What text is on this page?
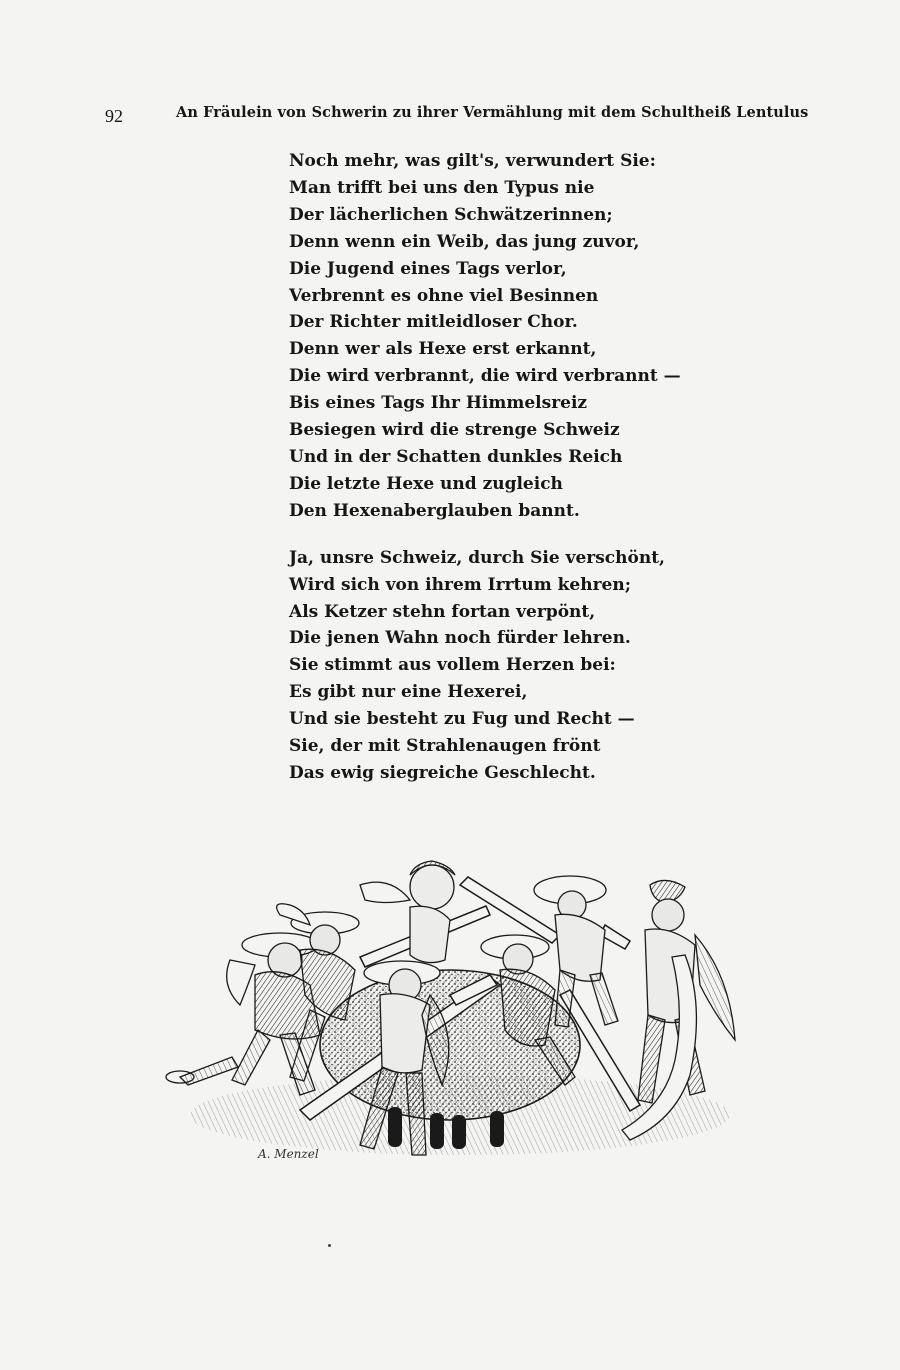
92	An Fräulein von Schwerin zu ihrer Vermählung mit dem Schultheiß Lentulus
Noch mehr, was gilt's, verwundert Sie:
Man trifft bei uns den Typus nie
Der lächerlichen Schwätzerinnen;
Denn wenn ein Weib, das jung zuvor,
Die Jugend eines Tags verlor,
Verbrennt es ohne viel Besinnen
Der Richter mitleidloser Chor.
Denn wer als Hexe erst erkannt,
Die wird verbrannt, die wird verbrannt —
Bis eines Tags Ihr Himmelsreiz
Besiegen wird die strenge Schweiz
Und in der Schatten dunkles Reich
Die letzte Hexe und zugleich
Den Hexenaberglauben bannt.
Ja, unsre Schweiz, durch Sie verschönt,
Wird sich von ihrem Irrtum kehren;
Als Ketzer stehn fortan verpönt,
Die jenen Wahn noch fürder lehren.
Sie stimmt aus vollem Herzen bei:
Es gibt nur eine Hexerei,
Und sie besteht zu Fug und Recht —
Sie, der mit Strahlenaugen frönt
Das ewig siegreiche Geschlecht.
A. Menzel
